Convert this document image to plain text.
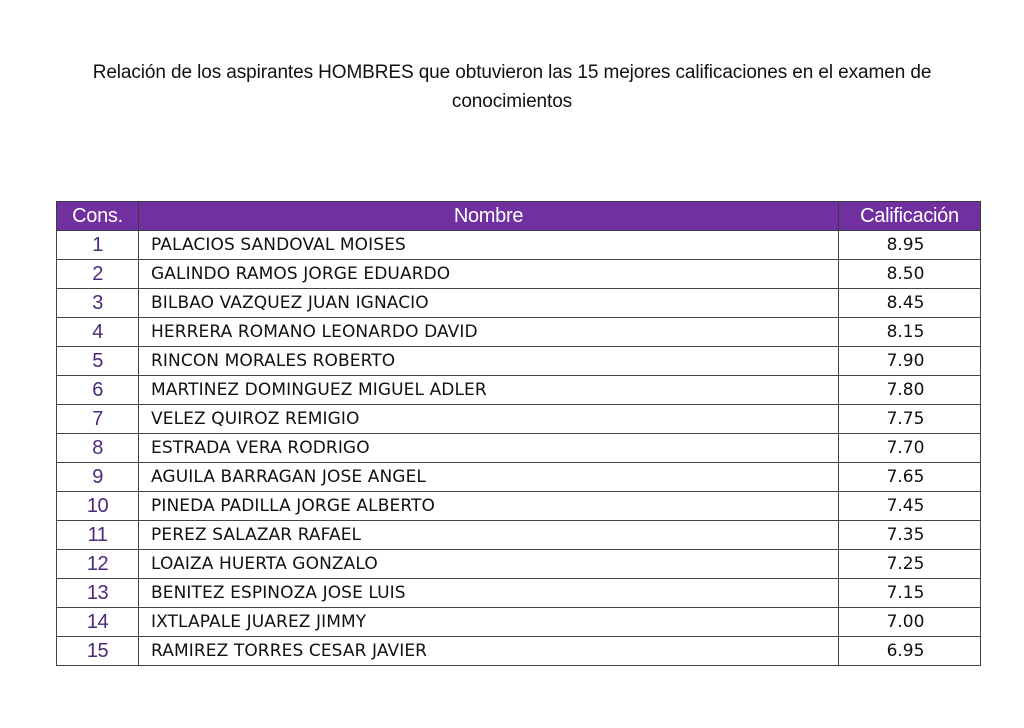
Relación de los aspirantes HOMBRES que obtuvieron las 15 mejores calificaciones en el examen de conocimientos
Cons.	Nombre	Calificación
1	PALACIOS SANDOVAL MOISES	8.95
2	GALINDO RAMOS JORGE EDUARDO	8.50
3	BILBAO VAZQUEZ JUAN IGNACIO	8.45
4	HERRERA ROMANO LEONARDO DAVID	8.15
5	RINCON MORALES ROBERTO	7.90
6	MARTINEZ DOMINGUEZ MIGUEL ADLER	7.80
7	VELEZ QUIROZ REMIGIO	7.75
8	ESTRADA VERA RODRIGO	7.70
9	AGUILA BARRAGAN JOSE ANGEL	7.65
10	PINEDA PADILLA JORGE ALBERTO	7.45
11	PEREZ SALAZAR RAFAEL	7.35
12	LOAIZA HUERTA GONZALO	7.25
13	BENITEZ ESPINOZA JOSE LUIS	7.15
14	IXTLAPALE JUAREZ JIMMY	7.00
15	RAMIREZ TORRES CESAR JAVIER	6.95
